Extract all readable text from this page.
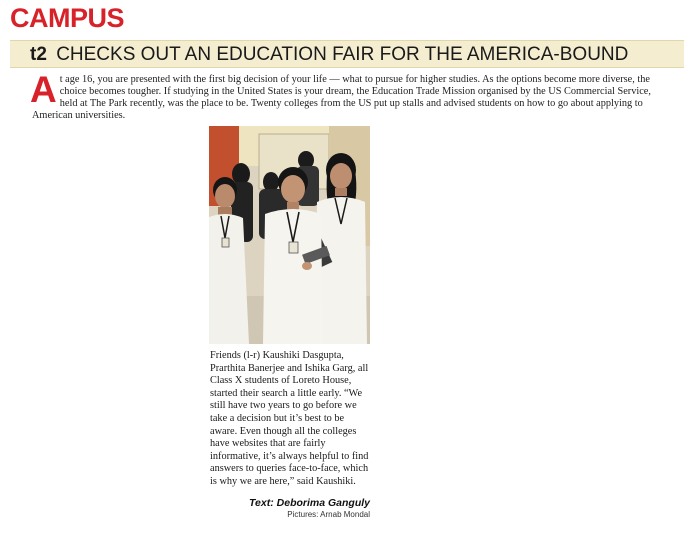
CAMPUS
t2 CHECKS OUT AN EDUCATION FAIR FOR THE AMERICA-BOUND
A t age 16, you are presented with the first big decision of your life — what to pursue for higher studies. As the options become more diverse, the choice becomes tougher. If studying in the United States is your dream, the Education Trade Mission organised by the US Commercial Service, held at The Park recently, was the place to be. Twenty colleges from the US put up stalls and advised students on how to go about applying to American universities.
Friends (l-r) Kaushiki Dasgupta, Prarthita Banerjee and Ishika Garg, all Class X students of Loreto House, started their search a little early. “We still have two years to go before we take a decision but it’s best to be aware. Even though all the colleges have websites that are fairly informative, it’s always helpful to find answers to queries face-to-face, which is why we are here,” said Kaushiki.
Text: Deborima Ganguly
Pictures: Arnab Mondal
